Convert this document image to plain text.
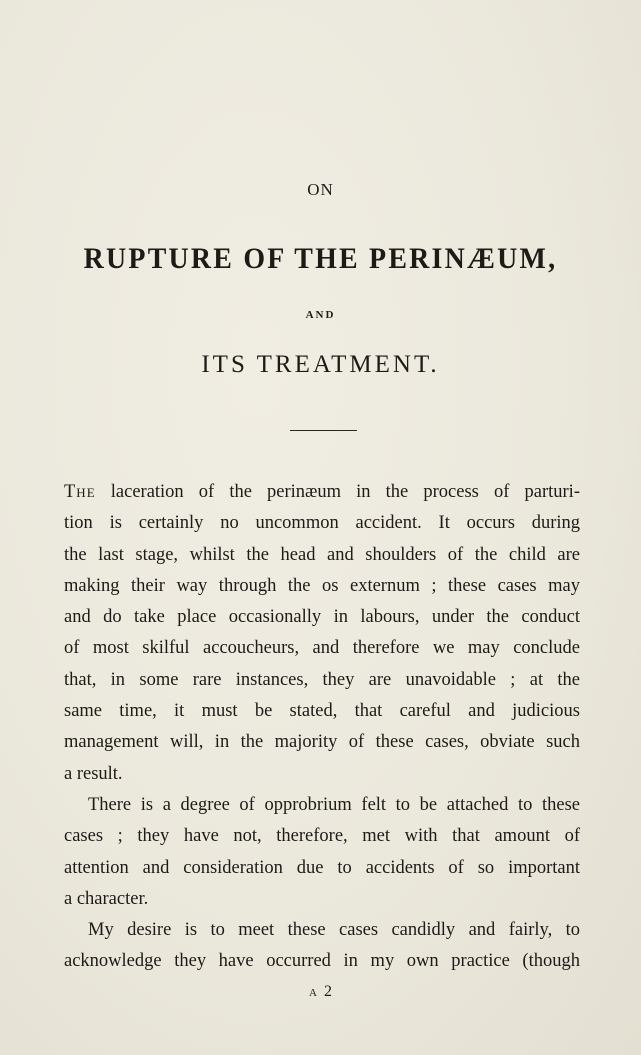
ON
RUPTURE OF THE PERINÆUM,
AND
ITS TREATMENT.
The laceration of the perinæum in the process of parturi-
tion is certainly no uncommon accident. It occurs during
the last stage, whilst the head and shoulders of the child are
making their way through the os externum ; these cases may
and do take place occasionally in labours, under the conduct
of most skilful accoucheurs, and therefore we may conclude
that, in some rare instances, they are unavoidable ; at the
same time, it must be stated, that careful and judicious
management will, in the majority of these cases, obviate such
a result.
There is a degree of opprobrium felt to be attached to these
cases ; they have not, therefore, met with that amount of
attention and consideration due to accidents of so important
a character.
My desire is to meet these cases candidly and fairly, to
acknowledge they have occurred in my own practice (though
A 2
